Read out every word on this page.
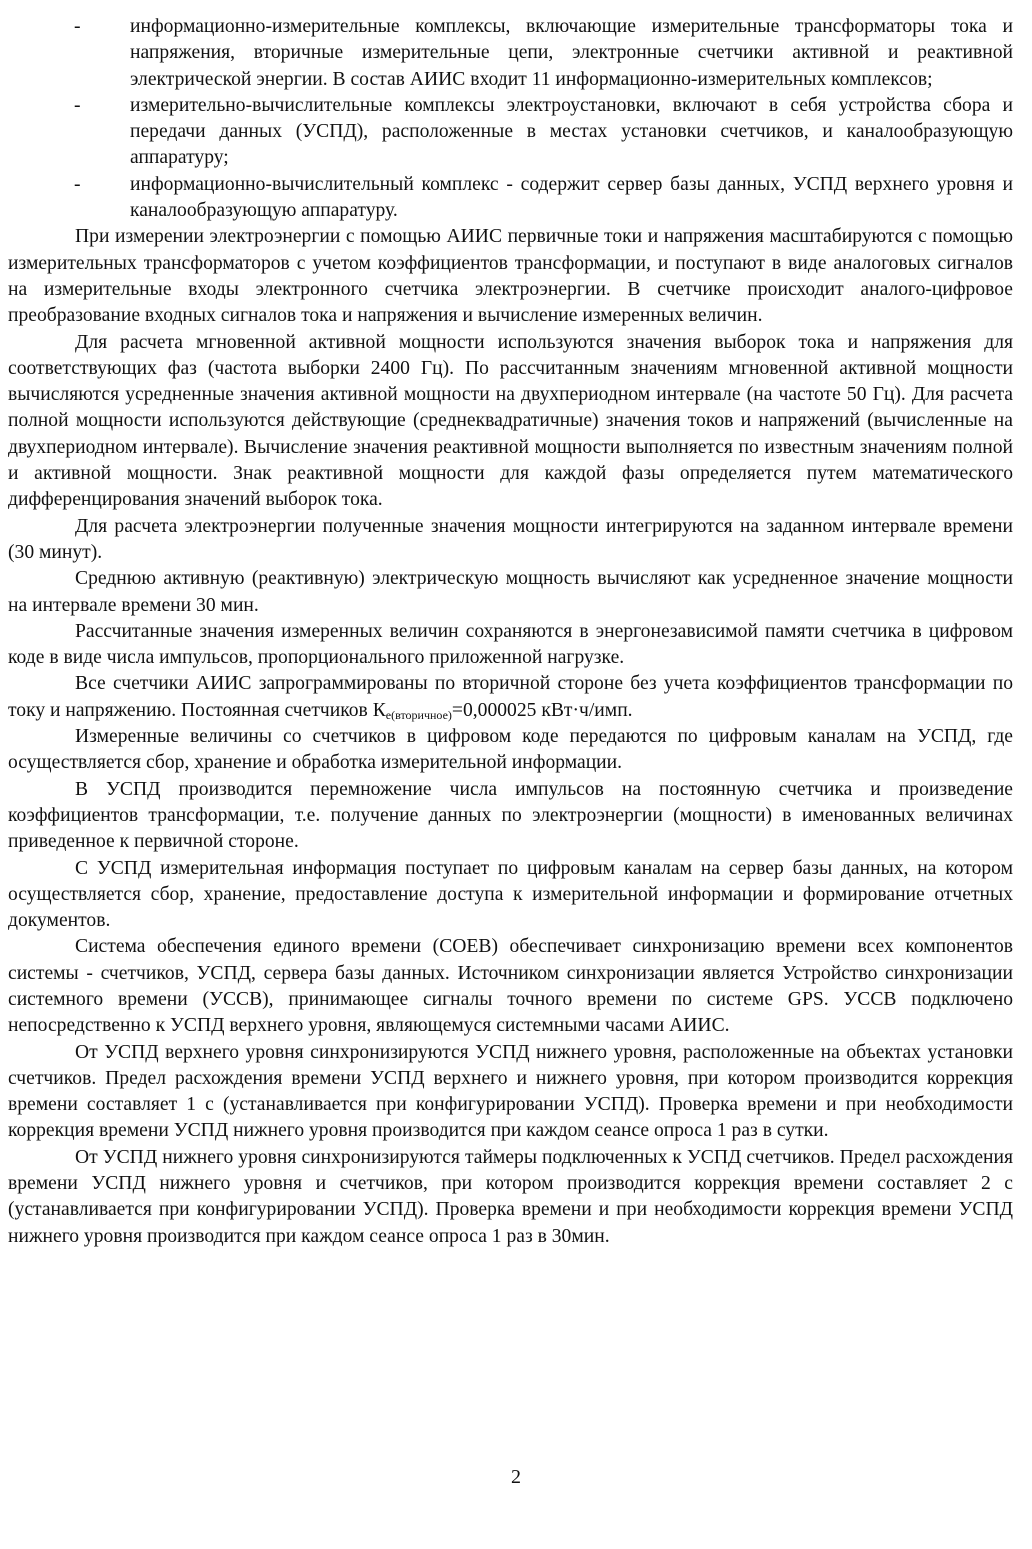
-	информационно-измерительные комплексы, включающие измерительные трансформаторы тока и напряжения, вторичные измерительные цепи, электронные счетчики активной и реактивной электрической энергии. В состав АИИС входит 11 информационно-измерительных комплексов;
-	измерительно-вычислительные комплексы электроустановки, включают в себя устройства сбора и передачи данных (УСПД), расположенные в местах установки счетчиков, и каналообразующую аппаратуру;
-	информационно-вычислительный комплекс - содержит сервер базы данных, УСПД верхнего уровня и каналообразующую аппаратуру.

При измерении электроэнергии с помощью АИИС первичные токи и напряжения масштабируются с помощью измерительных трансформаторов с учетом коэффициентов трансформации, и поступают в виде аналоговых сигналов на измерительные входы электронного счетчика электроэнергии. В счетчике происходит аналого-цифровое преобразование входных сигналов тока и напряжения и вычисление измеренных величин.

Для расчета мгновенной активной мощности используются значения выборок тока и напряжения для соответствующих фаз (частота выборки 2400 Гц). По рассчитанным значениям мгновенной активной мощности вычисляются усредненные значения активной мощности на двухпериодном интервале (на частоте 50 Гц). Для расчета полной мощности используются действующие (среднеквадратичные) значения токов и напряжений (вычисленные на двухпериодном интервале). Вычисление значения реактивной мощности выполняется по известным значениям полной и активной мощности. Знак реактивной мощности для каждой фазы определяется путем математического дифференцирования значений выборок тока.

Для расчета электроэнергии полученные значения мощности интегрируются на заданном интервале времени (30 минут).

Среднюю активную (реактивную) электрическую мощность вычисляют как усредненное значение мощности на интервале времени 30 мин.

Рассчитанные значения измеренных величин сохраняются в энергонезависимой памяти счетчика в цифровом коде в виде числа импульсов, пропорционального приложенной нагрузке.

Все счетчики АИИС запрограммированы по вторичной стороне без учета коэффициентов трансформации по току и напряжению. Постоянная счетчиков $К_{е(вторичное)}=0,000025$ кВт·ч/имп.

Измеренные величины со счетчиков в цифровом коде передаются по цифровым каналам на УСПД, где осуществляется сбор, хранение и обработка измерительной информации.

В УСПД производится перемножение числа импульсов на постоянную счетчика и произведение коэффициентов трансформации, т.е. получение данных по электроэнергии (мощности) в именованных величинах приведенное к первичной стороне.

С УСПД измерительная информация поступает по цифровым каналам на сервер базы данных, на котором осуществляется сбор, хранение, предоставление доступа к измерительной информации и формирование отчетных документов.

Система обеспечения единого времени (СОЕВ) обеспечивает синхронизацию времени всех компонентов системы - счетчиков, УСПД, сервера базы данных. Источником синхронизации является Устройство синхронизации системного времени (УССВ), принимающее сигналы точного времени по системе GPS. УССВ подключено непосредственно к УСПД верхнего уровня, являющемуся системными часами АИИС.

От УСПД верхнего уровня синхронизируются УСПД нижнего уровня, расположенные на объектах установки счетчиков. Предел расхождения времени УСПД верхнего и нижнего уровня, при котором производится коррекция времени составляет 1 с (устанавливается при конфигурировании УСПД). Проверка времени и при необходимости коррекция времени УСПД нижнего уровня производится при каждом сеансе опроса 1 раз в сутки.

От УСПД нижнего уровня синхронизируются таймеры подключенных к УСПД счетчиков. Предел расхождения времени УСПД нижнего уровня и счетчиков, при котором производится коррекция времени составляет 2 с (устанавливается при конфигурировании УСПД). Проверка времени и при необходимости коррекция времени УСПД нижнего уровня производится при каждом сеансе опроса 1 раз в 30мин.

2
